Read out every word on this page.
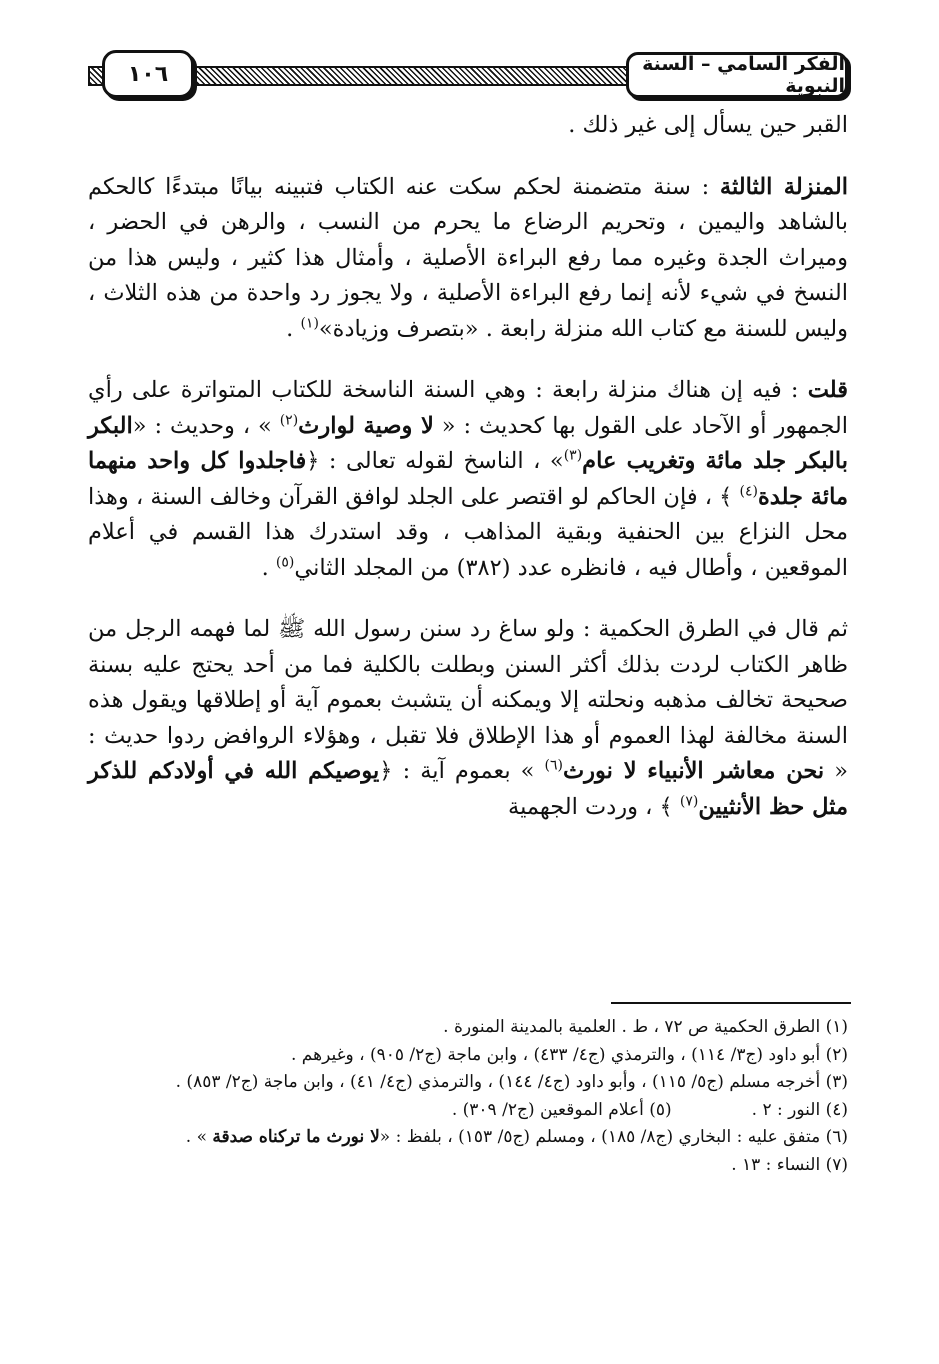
الفكر السامي – السنة النبوية
١٠٦

القبر حين يسأل إلى غير ذلك .

المنزلة الثالثة : سنة متضمنة لحكم سكت عنه الكتاب فتبينه بيانًا مبتدءًا كالحكم بالشاهد واليمين ، وتحريم الرضاع ما يحرم من النسب ، والرهن في الحضر ، وميراث الجدة وغيره مما رفع البراءة الأصلية ، وأمثال هذا كثير ، وليس هذا من النسخ في شيء لأنه إنما رفع البراءة الأصلية ، ولا يجوز رد واحدة من هذه الثلاث ، وليس للسنة مع كتاب الله منزلة رابعة . «بتصرف وزيادة»$^{(١)}$ .

قلت : فيه إن هناك منزلة رابعة : وهي السنة الناسخة للكتاب المتواترة على رأي الجمهور أو الآحاد على القول بها كحديث : « لا وصية لوارث$^{(٢)}$ » ، وحديث : «البكر بالبكر جلد مائة وتغريب عام$^{(٣)}$» ، الناسخ لقوله تعالى : ﴿فاجلدوا كل واحد منهما مائة جلدة$^{(٤)}$ ﴾ ، فإن الحاكم لو اقتصر على الجلد لوافق القرآن وخالف السنة ، وهذا محل النزاع بين الحنفية وبقية المذاهب ، وقد استدرك هذا القسم في أعلام الموقعين ، وأطال فيه ، فانظره عدد (٣٨٢) من المجلد الثاني$^{(٥)}$ .

ثم قال في الطرق الحكمية : ولو ساغ رد سنن رسول الله ﷺ لما فهمه الرجل من ظاهر الكتاب لردت بذلك أكثر السنن وبطلت بالكلية فما من أحد يحتج عليه بسنة صحيحة تخالف مذهبه ونحلته إلا ويمكنه أن يتشبث بعموم آية أو إطلاقها ويقول هذه السنة مخالفة لهذا العموم أو هذا الإطلاق فلا تقبل ، وهؤلاء الروافض ردوا حديث : « نحن معاشر الأنبياء لا نورث$^{(٦)}$ » بعموم آية : ﴿يوصيكم الله في أولادكم للذكر مثل حظ الأنثيين$^{(٧)}$ ﴾ ، وردت الجهمية

(١) الطرق الحكمية ص ٧٢ ، ط . العلمية بالمدينة المنورة .

(٢) أبو داود (ج٣/ ١١٤) ، والترمذي (ج٤/ ٤٣٣) ، وابن ماجة (ج٢/ ٩٠٥) ، وغيرهم .

(٣) أخرجه مسلم (ج٥/ ١١٥) ، وأبو داود (ج٤/ ١٤٤) ، والترمذي (ج٤/ ٤١) ، وابن ماجة (ج٢/ ٨٥٣) .

(٤) النور : ٢ .
(٥) أعلام الموقعين (ج٢/ ٣٠٩) .

(٦) متفق عليه : البخاري (ج٨/ ١٨٥) ، ومسلم (ج٥/ ١٥٣) ، بلفظ : «لا نورث ما تركناه صدقة » .

(٧) النساء : ١٣ .
